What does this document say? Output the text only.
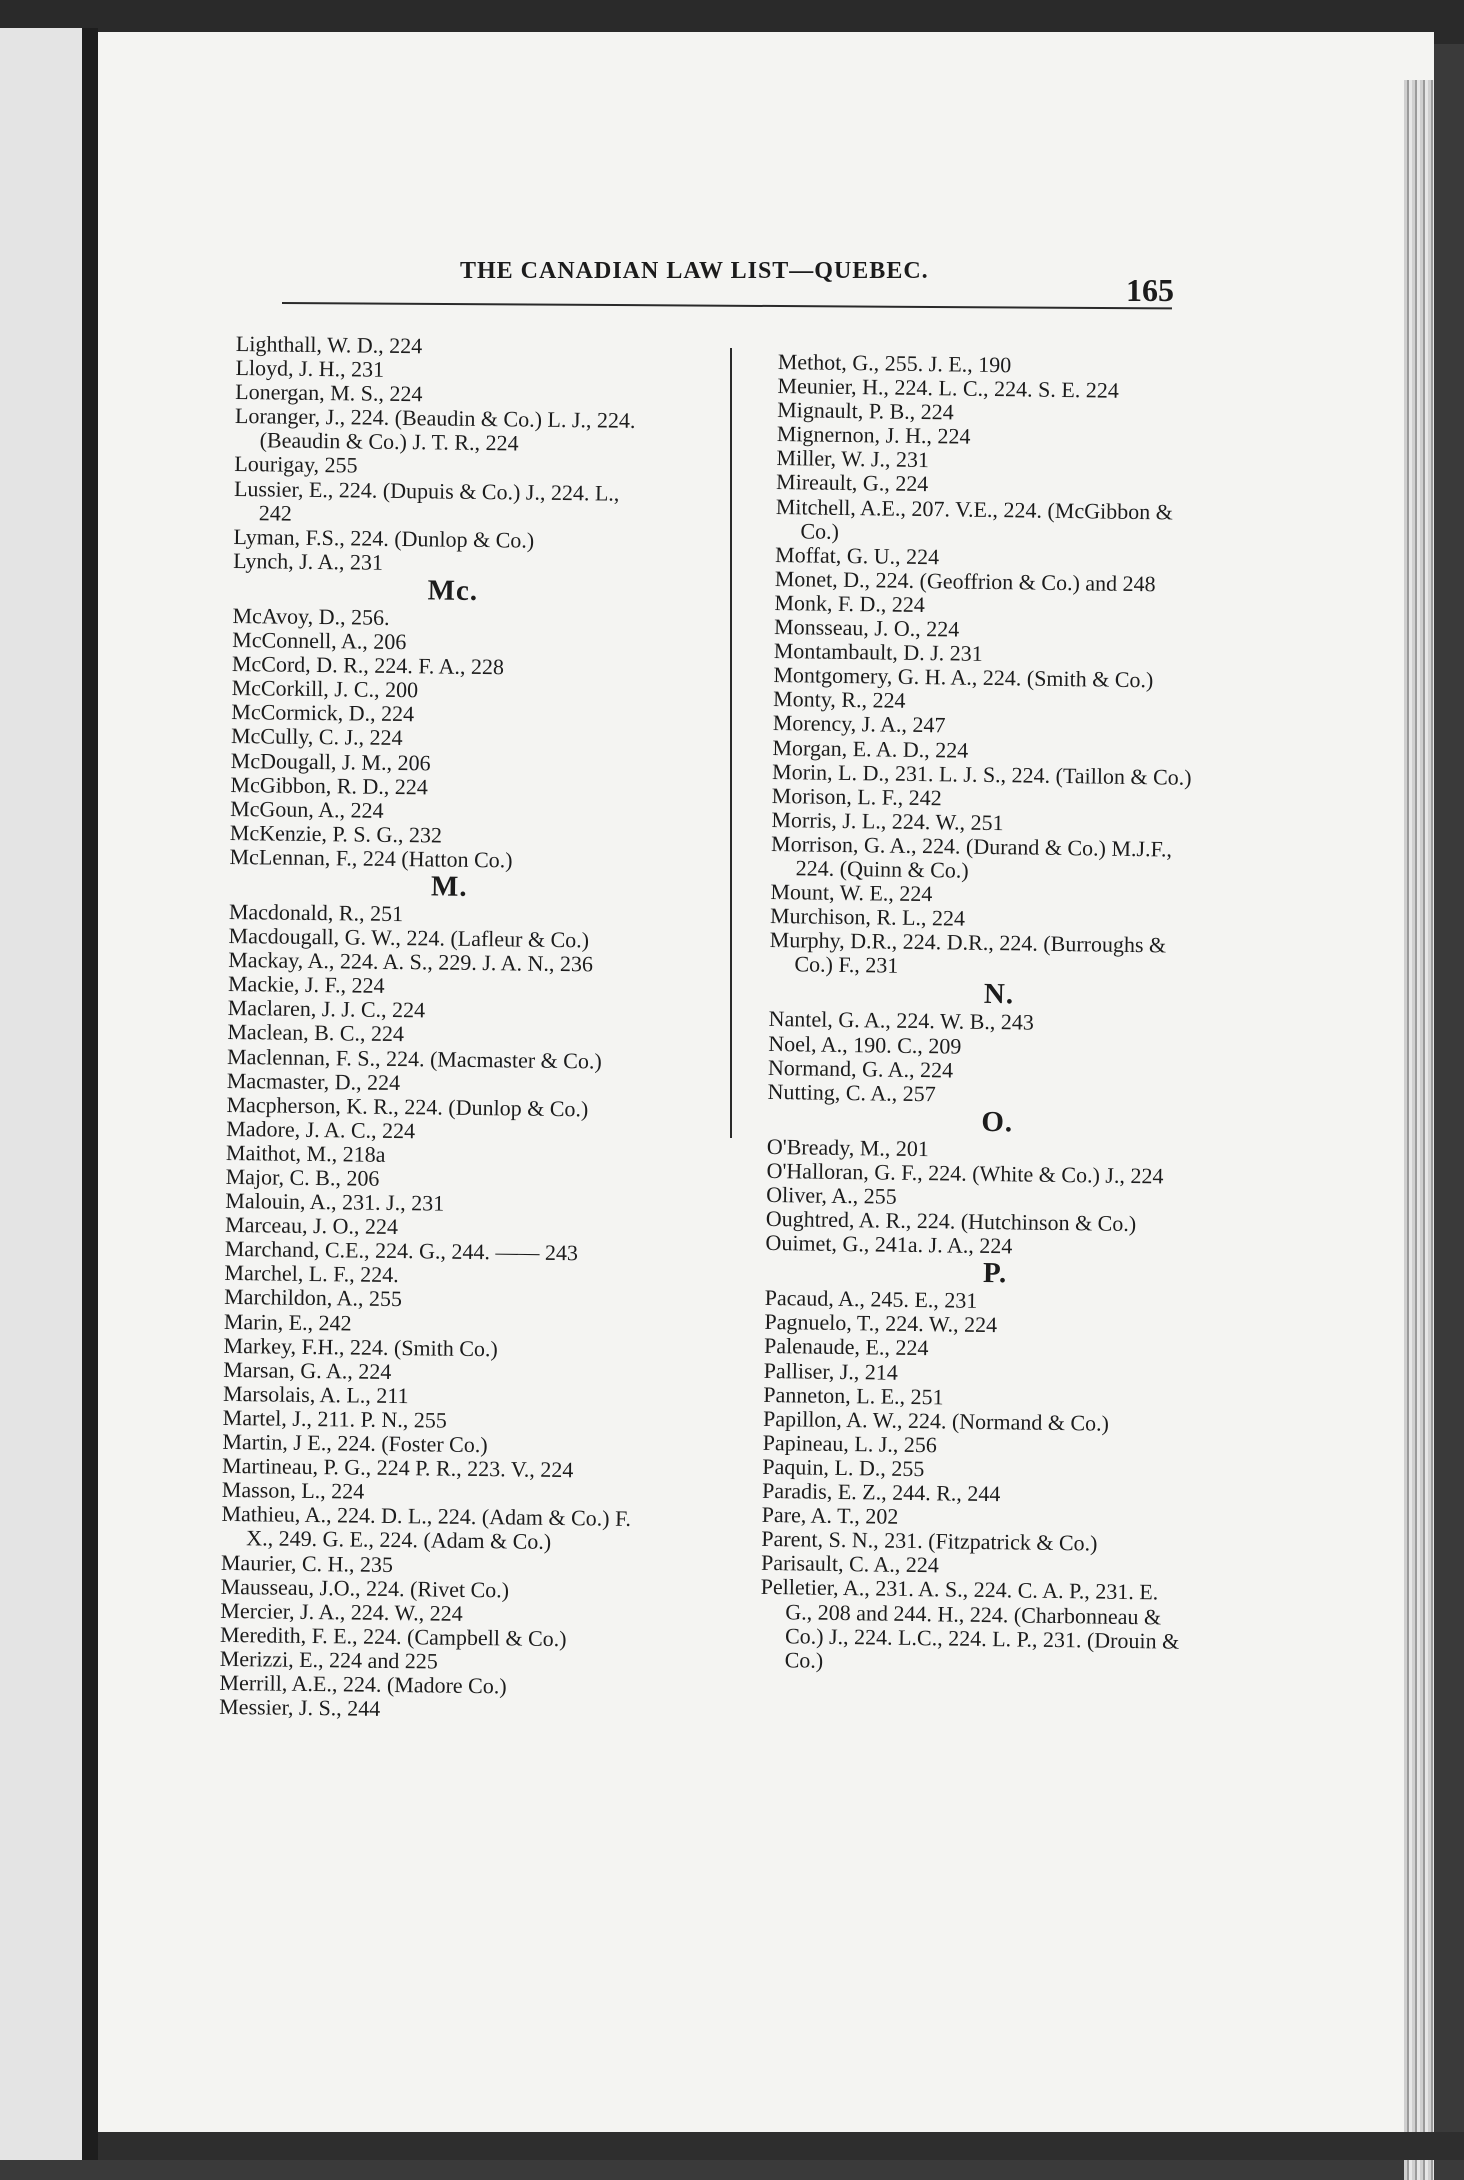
THE CANADIAN LAW LIST—QUEBEC.
165
Lighthall, W. D., 224
Lloyd, J. H., 231
Lonergan, M. S., 224
Loranger, J., 224. (Beaudin & Co.) L. J., 224. (Beaudin & Co.) J. T. R., 224
Lourigay, 255
Lussier, E., 224. (Dupuis & Co.) J., 224. L., 242
Lyman, F.S., 224. (Dunlop & Co.)
Lynch, J. A., 231
Mc.
McAvoy, D., 256.
McConnell, A., 206
McCord, D. R., 224. F. A., 228
McCorkill, J. C., 200
McCormick, D., 224
McCully, C. J., 224
McDougall, J. M., 206
McGibbon, R. D., 224
McGoun, A., 224
McKenzie, P. S. G., 232
McLennan, F., 224 (Hatton Co.)
M.
Macdonald, R., 251
Macdougall, G. W., 224. (Lafleur & Co.)
Mackay, A., 224. A. S., 229. J. A. N., 236
Mackie, J. F., 224
Maclaren, J. J. C., 224
Maclean, B. C., 224
Maclennan, F. S., 224. (Macmaster & Co.)
Macmaster, D., 224
Macpherson, K. R., 224. (Dunlop & Co.)
Madore, J. A. C., 224
Maithot, M., 218a
Major, C. B., 206
Malouin, A., 231. J., 231
Marceau, J. O., 224
Marchand, C.E., 224. G., 244. —— 243
Marchel, L. F., 224.
Marchildon, A., 255
Marin, E., 242
Markey, F.H., 224. (Smith Co.)
Marsan, G. A., 224
Marsolais, A. L., 211
Martel, J., 211. P. N., 255
Martin, J E., 224. (Foster Co.)
Martineau, P. G., 224 P. R., 223. V., 224
Masson, L., 224
Mathieu, A., 224. D. L., 224. (Adam & Co.) F. X., 249. G. E., 224. (Adam & Co.)
Maurier, C. H., 235
Mausseau, J.O., 224. (Rivet Co.)
Mercier, J. A., 224. W., 224
Meredith, F. E., 224. (Campbell & Co.)
Merizzi, E., 224 and 225
Merrill, A.E., 224. (Madore Co.)
Messier, J. S., 244
Methot, G., 255. J. E., 190
Meunier, H., 224. L. C., 224. S. E. 224
Mignault, P. B., 224
Mignernon, J. H., 224
Miller, W. J., 231
Mireault, G., 224
Mitchell, A.E., 207. V.E., 224. (McGibbon & Co.)
Moffat, G. U., 224
Monet, D., 224. (Geoffrion & Co.) and 248
Monk, F. D., 224
Monsseau, J. O., 224
Montambault, D. J. 231
Montgomery, G. H. A., 224. (Smith & Co.)
Monty, R., 224
Morency, J. A., 247
Morgan, E. A. D., 224
Morin, L. D., 231. L. J. S., 224. (Taillon & Co.)
Morison, L. F., 242
Morris, J. L., 224. W., 251
Morrison, G. A., 224. (Durand & Co.) M.J.F., 224. (Quinn & Co.)
Mount, W. E., 224
Murchison, R. L., 224
Murphy, D.R., 224. D.R., 224. (Burroughs & Co.) F., 231
N.
Nantel, G. A., 224. W. B., 243
Noel, A., 190. C., 209
Normand, G. A., 224
Nutting, C. A., 257
O.
O'Bready, M., 201
O'Halloran, G. F., 224. (White & Co.) J., 224
Oliver, A., 255
Oughtred, A. R., 224. (Hutchinson & Co.)
Ouimet, G., 241a. J. A., 224
P.
Pacaud, A., 245. E., 231
Pagnuelo, T., 224. W., 224
Palenaude, E., 224
Palliser, J., 214
Panneton, L. E., 251
Papillon, A. W., 224. (Normand & Co.)
Papineau, L. J., 256
Paquin, L. D., 255
Paradis, E. Z., 244. R., 244
Pare, A. T., 202
Parent, S. N., 231. (Fitzpatrick & Co.)
Parisault, C. A., 224
Pelletier, A., 231. A. S., 224. C. A. P., 231. E. G., 208 and 244. H., 224. (Charbonneau & Co.) J., 224. L.C., 224. L. P., 231. (Drouin & Co.)
